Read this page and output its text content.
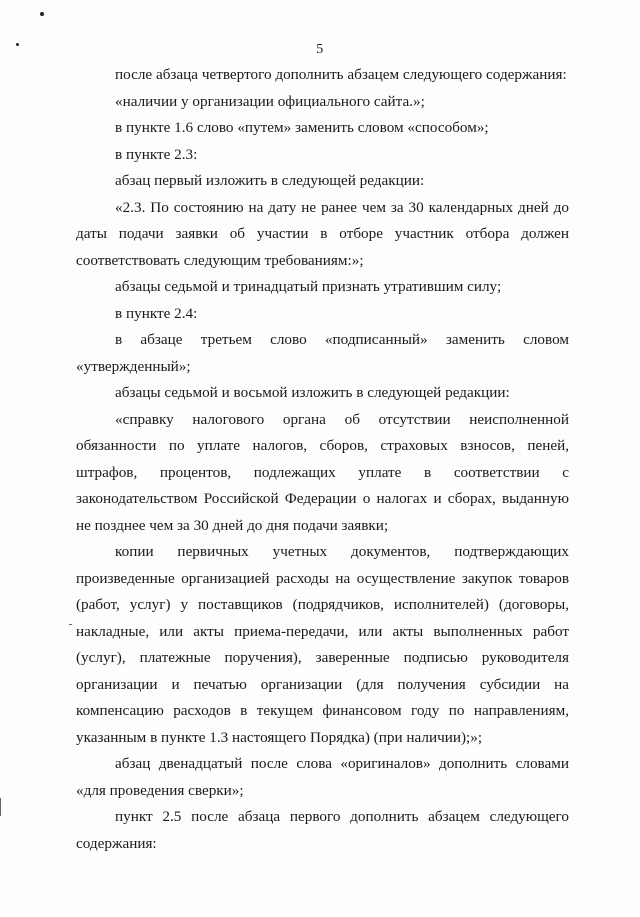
5
после абзаца четвертого дополнить абзацем следующего содержания:
«наличии у организации официального сайта.»;
в пункте 1.6 слово «путем» заменить словом «способом»;
в пункте 2.3:
абзац первый изложить в следующей редакции:
«2.3. По состоянию на дату не ранее чем за 30 календарных дней до
даты подачи заявки об участии в отборе участник отбора должен
соответствовать следующим требованиям:»;
абзацы седьмой и тринадцатый признать утратившим силу;
в пункте 2.4:
в абзаце третьем слово «подписанный» заменить словом
«утвержденный»;
абзацы седьмой и восьмой изложить в следующей редакции:
«справку налогового органа об отсутствии неисполненной
обязанности по уплате налогов, сборов, страховых взносов, пеней,
штрафов, процентов, подлежащих уплате в соответствии с
законодательством Российской Федерации о налогах и сборах, выданную
не позднее чем за 30 дней до дня подачи заявки;
копии первичных учетных документов, подтверждающих
произведенные организацией расходы на осуществление закупок товаров
(работ, услуг) у поставщиков (подрядчиков, исполнителей) (договоры,
накладные, или акты приема-передачи, или акты выполненных работ
(услуг), платежные поручения), заверенные подписью руководителя
организации и печатью организации (для получения субсидии на
компенсацию расходов в текущем финансовом году по направлениям,
указанным в пункте 1.3 настоящего Порядка) (при наличии);»;
абзац двенадцатый после слова «оригиналов» дополнить словами
«для проведения сверки»;
пункт 2.5 после абзаца первого дополнить абзацем следующего
содержания:
